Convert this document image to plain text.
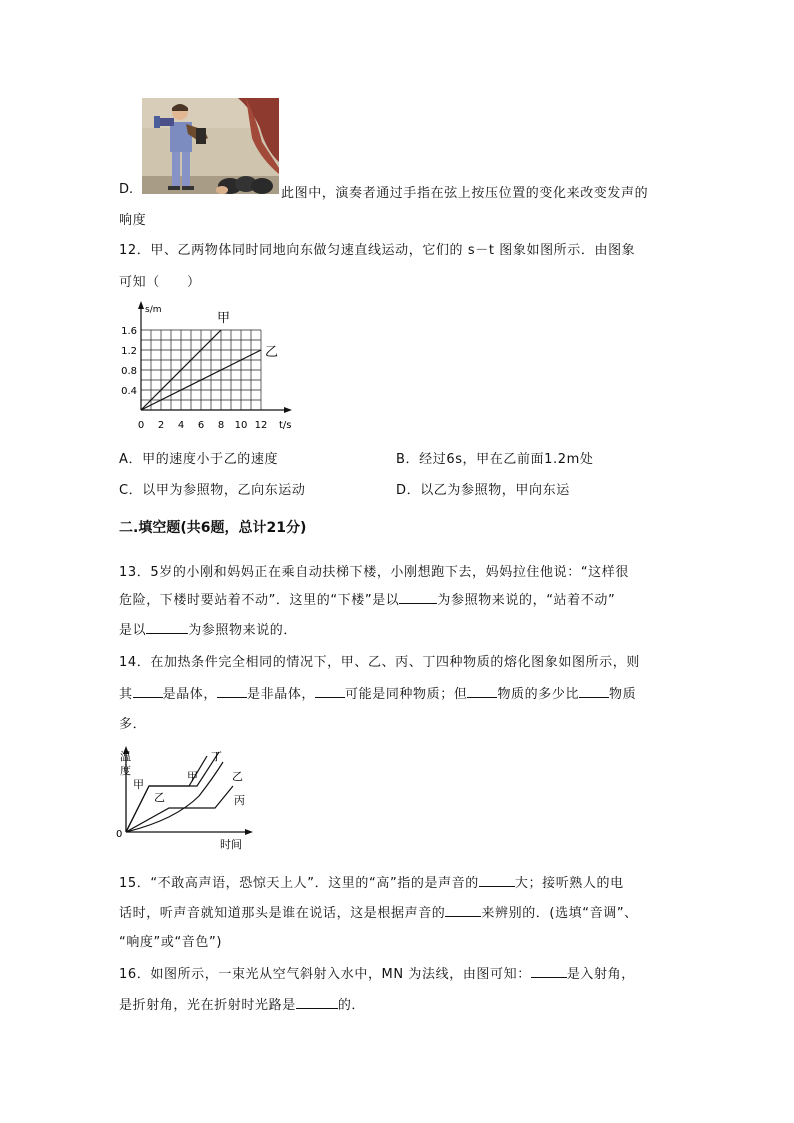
D.	此图中，演奏者通过手指在弦上按压位置的变化来改变发声的
响度
12．甲、乙两物体同时同地向东做匀速直线运动，它们的 s－t 图象如图所示．由图象
可知（　　）
s/m
t/s
0 2 4 6 8 10 12
0.4
0.8
1.2
1.6
甲
乙
A．甲的速度小于乙的速度	B．经过6s，甲在乙前面1.2m处
C．以甲为参照物，乙向东运动	D．以乙为参照物，甲向东运
二.填空题(共6题，总计21分)
13．5岁的小刚和妈妈正在乘自动扶梯下楼，小刚想跑下去，妈妈拉住他说：“这样很
危险，下楼时要站着不动”．这里的“下楼”是以	为参照物来说的，“站着不动”
是以	为参照物来说的．
14．在加热条件完全相同的情况下，甲、乙、丙、丁四种物质的熔化图象如图所示，则
其 是晶体， 是非晶体， 可能是同种物质；但 物质的多少比 物质
多．
温
度
0
时间
甲
丁
乙
丙
甲
乙
15．“不敢高声语，恐惊天上人”．这里的“高”指的是声音的	大；接听熟人的电
话时，听声音就知道那头是谁在说话，这是根据声音的	来辨别的．(选填“音调”、
“响度”或“音色”)
16．如图所示，一束光从空气斜射入水中，MN 为法线，由图可知：	是入射角，
是折射角，光在折射时光路是	的．
